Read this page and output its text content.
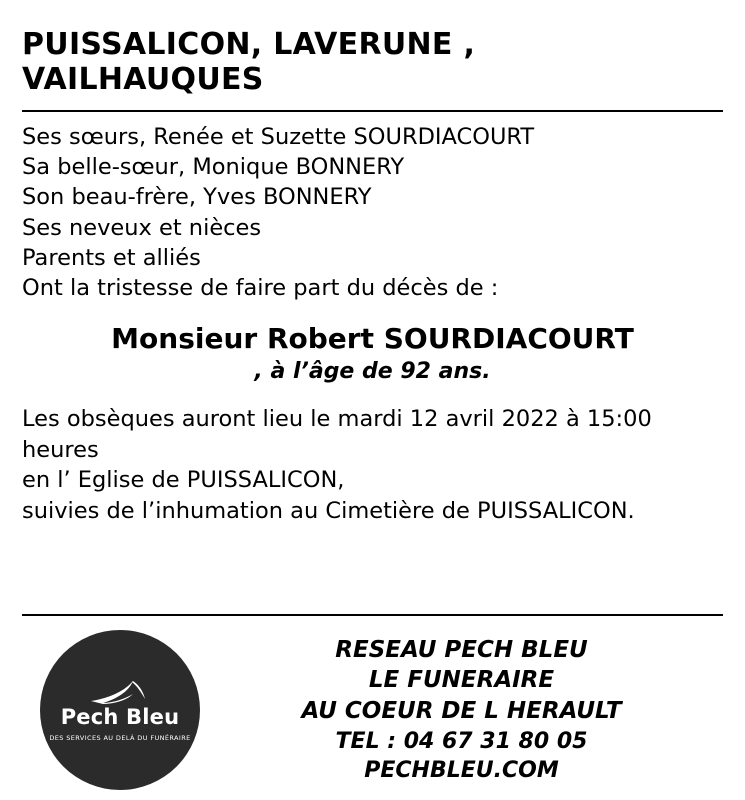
PUISSALICON, LAVERUNE , VAILHAUQUES
Ses sœurs, Renée et Suzette SOURDIACOURT
Sa belle-sœur, Monique BONNERY
Son beau-frère, Yves BONNERY
Ses neveux et nièces
Parents et alliés
Ont la tristesse de faire part du décès de :
Monsieur Robert SOURDIACOURT
, à l’âge de 92 ans.
Les obsèques auront lieu le mardi 12 avril 2022 à 15:00
heures
en l’ Eglise de PUISSALICON,
suivies de l’inhumation au Cimetière de PUISSALICON.
Pech Bleu
DES SERVICES AU DELÀ DU FUNÉRAIRE
RESEAU PECH BLEU
LE FUNERAIRE
AU COEUR DE L HERAULT
TEL : 04 67 31 80 05
PECHBLEU.COM
